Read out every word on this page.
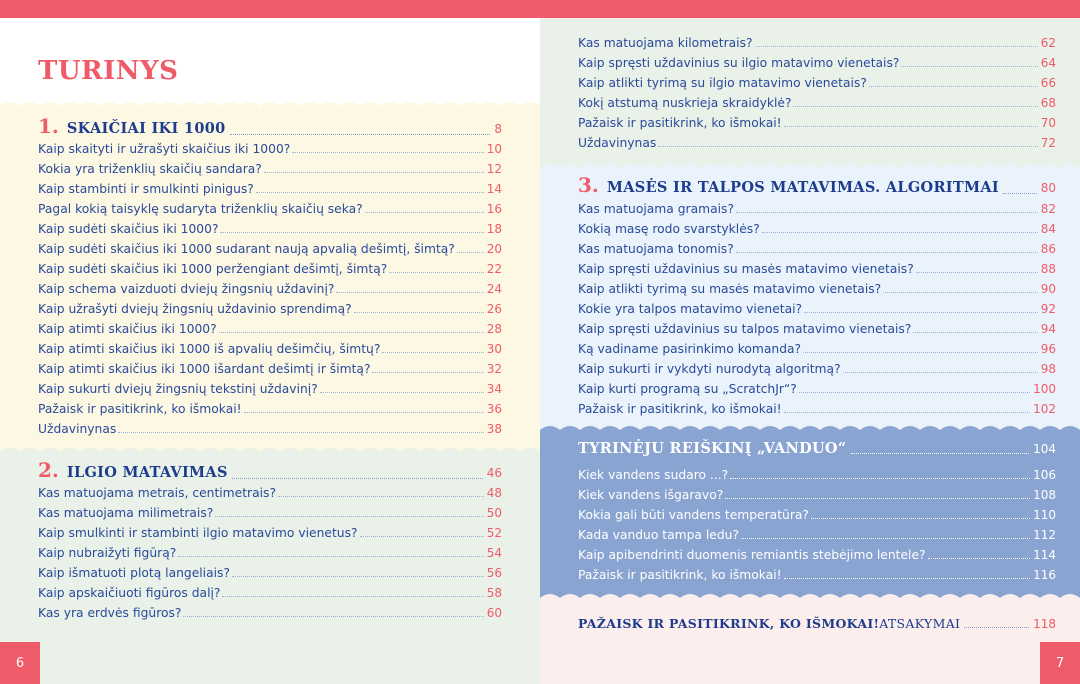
TURINYS
1. SKAIČIAI IKI 1000	8
Kaip skaityti ir užrašyti skaičius iki 1000?	10
Kokia yra triženklių skaičių sandara?	12
Kaip stambinti ir smulkinti pinigus?	14
Pagal kokią taisyklę sudaryta triženklių skaičių seka?	16
Kaip sudėti skaičius iki 1000?	18
Kaip sudėti skaičius iki 1000 sudarant naują apvalią dešimtį, šimtą?	20
Kaip sudėti skaičius iki 1000 peržengiant dešimtį, šimtą?	22
Kaip schema vaizduoti dviejų žingsnių uždavinį?	24
Kaip užrašyti dviejų žingsnių uždavinio sprendimą?	26
Kaip atimti skaičius iki 1000?	28
Kaip atimti skaičius iki 1000 iš apvalių dešimčių, šimtų?	30
Kaip atimti skaičius iki 1000 išardant dešimtį ir šimtą?	32
Kaip sukurti dviejų žingsnių tekstinį uždavinį?	34
Pažaisk ir pasitikrink, ko išmokai!	36
Uždavinynas	38
2. ILGIO MATAVIMAS	46
Kas matuojama metrais, centimetrais?	48
Kas matuojama milimetrais?	50
Kaip smulkinti ir stambinti ilgio matavimo vienetus?	52
Kaip nubraižyti figūrą?	54
Kaip išmatuoti plotą langeliais?	56
Kaip apskaičiuoti figūros dalį?	58
Kas yra erdvės figūros?	60
6
Kas matuojama kilometrais?	62
Kaip spręsti uždavinius su ilgio matavimo vienetais?	64
Kaip atlikti tyrimą su ilgio matavimo vienetais?	66
Kokį atstumą nuskrieja skraidyklė?	68
Pažaisk ir pasitikrink, ko išmokai!	70
Uždavinynas	72
3. MASĖS IR TALPOS MATAVIMAS. ALGORITMAI	80
Kas matuojama gramais?	82
Kokią masę rodo svarstyklės?	84
Kas matuojama tonomis?	86
Kaip spręsti uždavinius su masės matavimo vienetais?	88
Kaip atlikti tyrimą su masės matavimo vienetais?	90
Kokie yra talpos matavimo vienetai?	92
Kaip spręsti uždavinius su talpos matavimo vienetais?	94
Ką vadiname pasirinkimo komanda?	96
Kaip sukurti ir vykdyti nurodytą algoritmą?	98
Kaip kurti programą su „ScratchJr“?	100
Pažaisk ir pasitikrink, ko išmokai!	102
TYRINĖJU REIŠKINĮ „VANDUO“	104
Kiek vandens sudaro ...?	106
Kiek vandens išgaravo?	108
Kokia gali būti vandens temperatūra?	110
Kada vanduo tampa ledu?	112
Kaip apibendrinti duomenis remiantis stebėjimo lentele?	114
Pažaisk ir pasitikrink, ko išmokai!	116
PAŽAISK IR PASITIKRINK, KO IŠMOKAI! ATSAKYMAI	118
7
